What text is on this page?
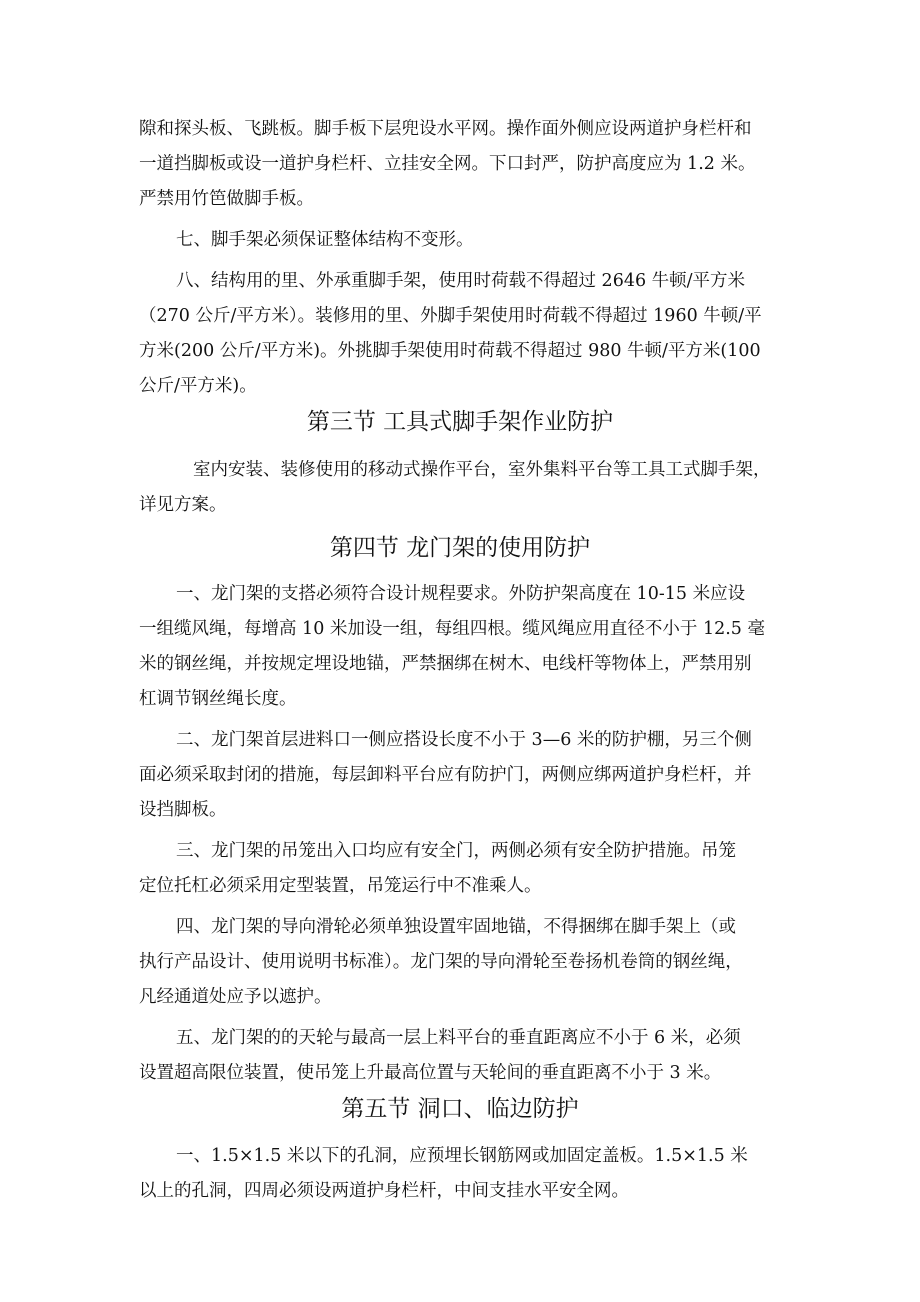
隙和探头板、飞跳板。脚手板下层兜设水平网。操作面外侧应设两道护身栏杆和
一道挡脚板或设一道护身栏杆、立挂安全网。下口封严，防护高度应为 1.2 米。
严禁用竹笆做脚手板。
七、脚手架必须保证整体结构不变形。
八、结构用的里、外承重脚手架，使用时荷载不得超过 2646 牛顿/平方米
（270 公斤/平方米）。装修用的里、外脚手架使用时荷载不得超过 1960 牛顿/平
方米(200 公斤/平方米)。外挑脚手架使用时荷载不得超过 980 牛顿/平方米(100
公斤/平方米)。
第三节 工具式脚手架作业防护
室内安装、装修使用的移动式操作平台，室外集料平台等工具工式脚手架，
详见方案。
第四节 龙门架的使用防护
一、龙门架的支搭必须符合设计规程要求。外防护架高度在 10-15 米应设
一组缆风绳，每增高 10 米加设一组，每组四根。缆风绳应用直径不小于 12.5 毫
米的钢丝绳，并按规定埋设地锚，严禁捆绑在树木、电线杆等物体上，严禁用别
杠调节钢丝绳长度。
二、龙门架首层进料口一侧应搭设长度不小于 3—6 米的防护棚，另三个侧
面必须采取封闭的措施，每层卸料平台应有防护门，两侧应绑两道护身栏杆，并
设挡脚板。
三、龙门架的吊笼出入口均应有安全门，两侧必须有安全防护措施。吊笼
定位托杠必须采用定型装置，吊笼运行中不准乘人。
四、龙门架的导向滑轮必须单独设置牢固地锚，不得捆绑在脚手架上（或
执行产品设计、使用说明书标准）。龙门架的导向滑轮至卷扬机卷筒的钢丝绳，
凡经通道处应予以遮护。
五、龙门架的的天轮与最高一层上料平台的垂直距离应不小于 6 米，必须
设置超高限位装置，使吊笼上升最高位置与天轮间的垂直距离不小于 3 米。
第五节 洞口、临边防护
一、1.5×1.5 米以下的孔洞，应预埋长钢筋网或加固定盖板。1.5×1.5 米
以上的孔洞，四周必须设两道护身栏杆，中间支挂水平安全网。
